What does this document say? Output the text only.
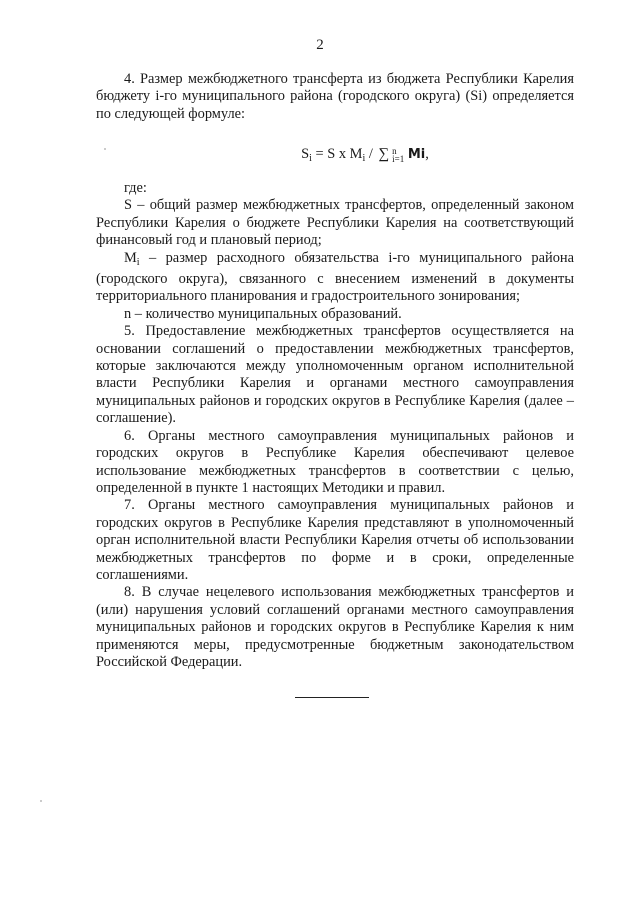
2

4. Размер межбюджетного трансферта из бюджета Республики Карелия бюджету i-го муниципального района (городского округа) (Si) определяется по следующей формуле:

$S_i = S$ x $M_i$ / ∑ n
i=1 Mi,

где:

S – общий размер межбюджетных трансфертов, определенный законом Республики Карелия о бюджете Республики Карелия на соответствующий финансовый год и плановый период;

$M_i$ – размер расходного обязательства i-го муниципального района (городского округа), связанного с внесением изменений в документы территориального планирования и градостроительного зонирования;

n – количество муниципальных образований.

5. Предоставление межбюджетных трансфертов осуществляется на основании соглашений о предоставлении межбюджетных трансфертов, которые заключаются между уполномоченным органом исполнительной власти Республики Карелия и органами местного самоуправления муниципальных районов и городских округов в Республике Карелия (далее – соглашение).

6. Органы местного самоуправления муниципальных районов и городских округов в Республике Карелия обеспечивают целевое использование межбюджетных трансфертов в соответствии с целью, определенной в пункте 1 настоящих Методики и правил.

7. Органы местного самоуправления муниципальных районов и городских округов в Республике Карелия представляют в уполномоченный орган исполнительной власти Республики Карелия отчеты об использовании межбюджетных трансфертов по форме и в сроки, определенные соглашениями.

8. В случае нецелевого использования межбюджетных трансфертов и (или) нарушения условий соглашений органами местного самоуправления муниципальных районов и городских округов в Республике Карелия к ним применяются меры, предусмотренные бюджетным законодательством Российской Федерации.
